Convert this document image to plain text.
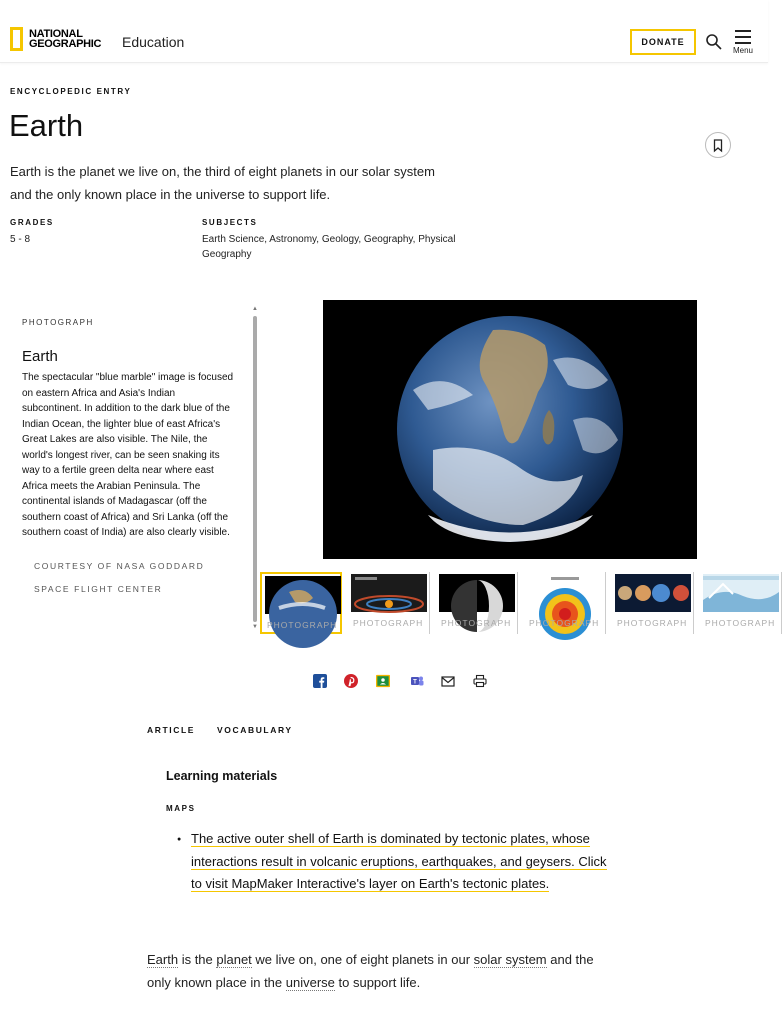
NATIONAL
GEOGRAPHIC Education	DONATE
Menu
ENCYCLOPEDIC ENTRY
Earth
Earth is the planet we live on, the third of eight planets in our solar system and the only known place in the universe to support life.
GRADES
5 - 8
SUBJECTS
Earth Science, Astronomy, Geology, Geography, Physical Geography
PHOTOGRAPH
Earth
The spectacular "blue marble" image is focused on eastern Africa and Asia's Indian subcontinent. In addition to the dark blue of the Indian Ocean, the lighter blue of east Africa's Great Lakes are also visible. The Nile, the world's longest river, can be seen snaking its way to a fertile green delta near where east Africa meets the Arabian Peninsula. The continental islands of Madagascar (off the southern coast of Africa) and Sri Lanka (off the southern coast of India) are also clearly visible.
COURTESY OF NASA GODDARD
SPACE FLIGHT CENTER
▲
▼ PHOTOGRAPH PHOTOGRAPH PHOTOGRAPH PHOTOGRAPH PHOTOGRAPH PHOTOGRAPH
T
ARTICLE	VOCABULARY
Learning materials
MAPS
● The active outer shell of Earth is dominated by tectonic plates, whose interactions result in volcanic eruptions, earthquakes, and geysers. Click to visit MapMaker Interactive's layer on Earth's tectonic plates.
Earth is the planet we live on, one of eight planets in our solar system and the only known place in the universe to support life.
